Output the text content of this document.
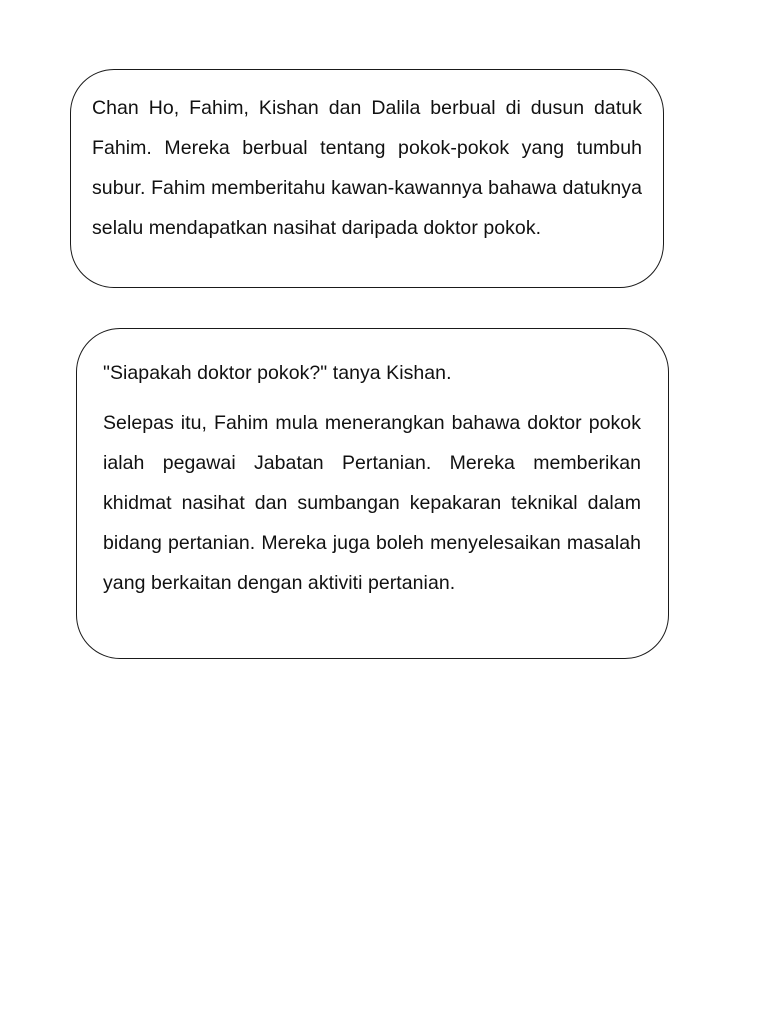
Chan Ho, Fahim, Kishan dan Dalila berbual di dusun datuk Fahim. Mereka berbual tentang pokok-pokok yang tumbuh subur. Fahim memberitahu kawan-kawannya bahawa datuknya selalu mendapatkan nasihat daripada doktor pokok.

"Siapakah doktor pokok?" tanya Kishan.

Selepas itu, Fahim mula menerangkan bahawa doktor pokok ialah pegawai Jabatan Pertanian. Mereka memberikan khidmat nasihat dan sumbangan kepakaran teknikal dalam bidang pertanian. Mereka juga boleh menyelesaikan masalah yang berkaitan dengan aktiviti pertanian.
